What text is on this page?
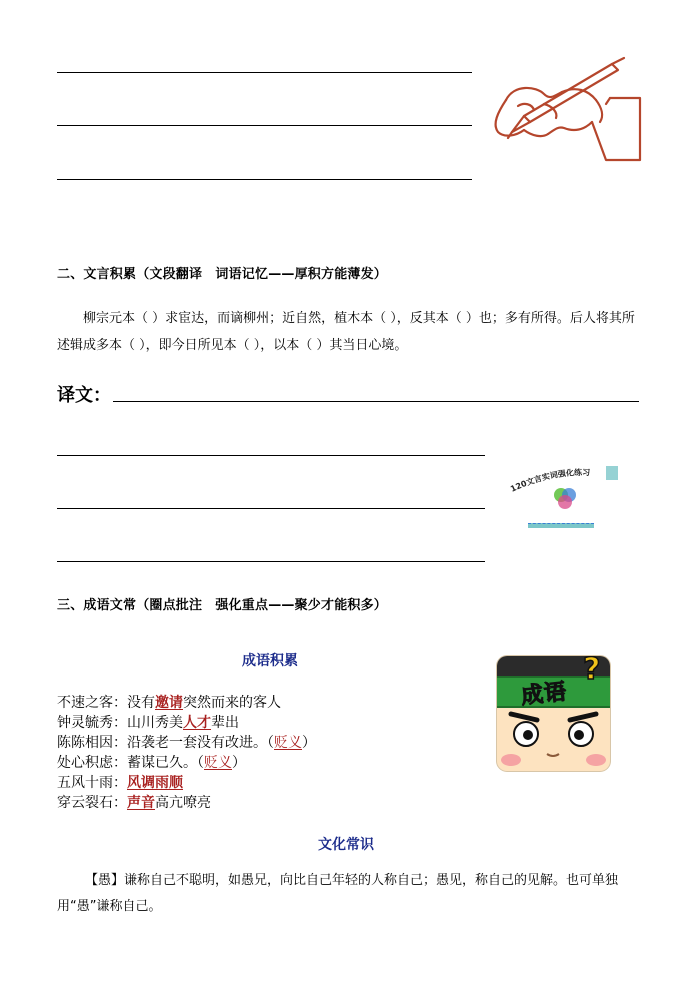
二、文言积累（文段翻译　词语记忆——厚积方能薄发）
柳宗元本（ ）求宦达，而谪柳州；近自然，植木本（ ），反其本（ ）也；多有所得。后人将其所述辑成多本（ ），即今日所见本（ ），以本（ ）其当日心境。
译文：
120文言实词强化练习
三、成语文常（圈点批注　强化重点——聚少才能积多）
成语积累
不速之客：没有邀请突然而来的客人
钟灵毓秀：山川秀美人才辈出
陈陈相因：沿袭老一套没有改进。（贬义）
处心积虑：蓄谋已久。（贬义）
五风十雨：风调雨顺
穿云裂石：声音高亢嘹亮
成语
?
文化常识
【愚】谦称自己不聪明，如愚兄，向比自己年轻的人称自己；愚见，称自己的见解。也可单独用“愚”谦称自己。
